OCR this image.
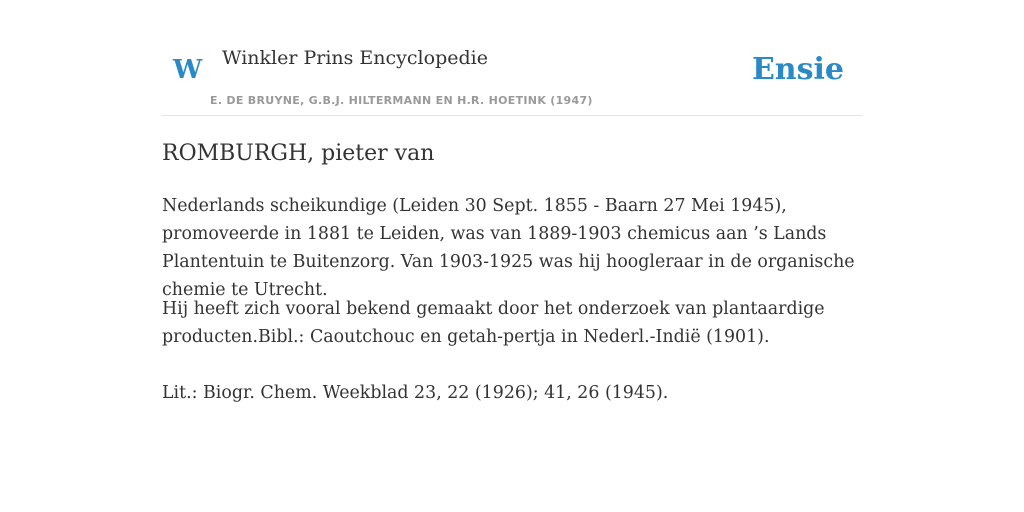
W Winkler Prins Encyclopedie
E. DE BRUYNE, G.B.J. HILTERMANN EN H.R. HOETINK (1947)
Ensie
ROMBURGH, pieter van

Nederlands scheikundige (Leiden 30 Sept. 1855 - Baarn 27 Mei 1945), promoveerde in 1881 te Leiden, was van 1889-1903 chemicus aan ’s Lands Plantentuin te Buitenzorg. Van 1903-1925 was hij hoogleraar in de organische chemie te Utrecht.

Hij heeft zich vooral bekend gemaakt door het onderzoek van plantaardige producten.Bibl.: Caoutchouc en getah-pertja in Nederl.-Indië (1901).

Lit.: Biogr. Chem. Weekblad 23, 22 (1926); 41, 26 (1945).
